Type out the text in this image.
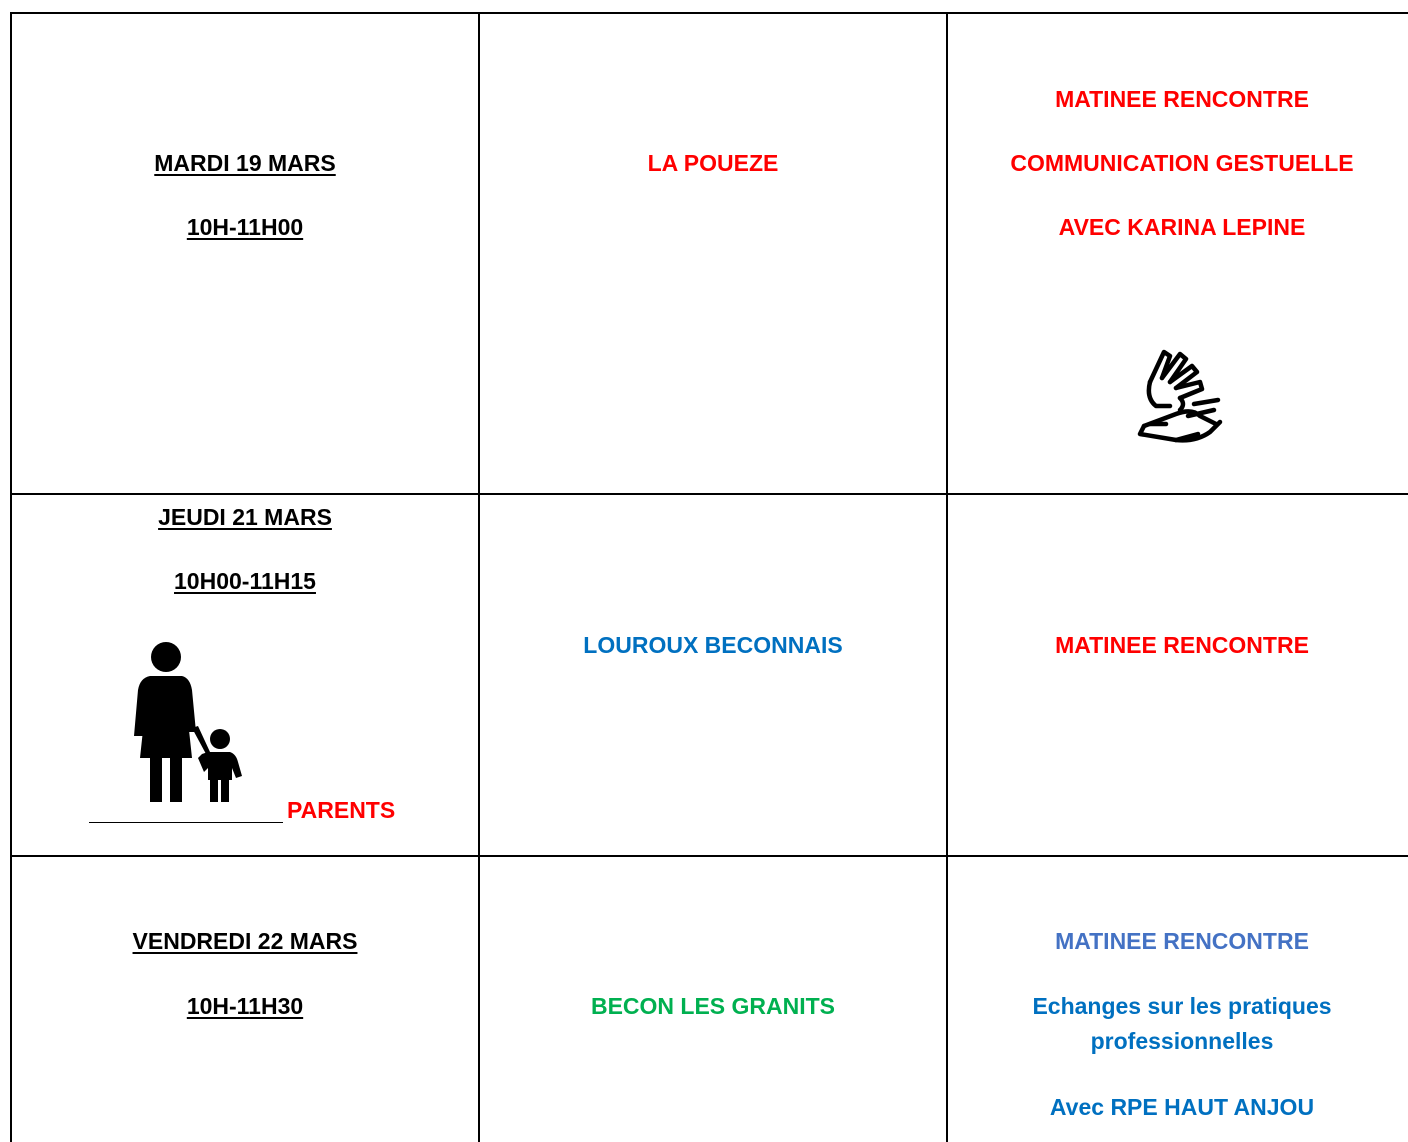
MARDI 19 MARS
10H-11H00
LA POUEZE
MATINEE RENCONTRE
COMMUNICATION GESTUELLE
AVEC KARINA LEPINE
JEUDI 21 MARS
10H00-11H15
PARENTS
LOUROUX BECONNAIS	MATINEE RENCONTRE
VENDREDI 22 MARS
10H-11H30	BECON LES GRANITS
MATINEE RENCONTRE
Echanges sur les pratiques
professionnelles
Avec RPE HAUT ANJOU
